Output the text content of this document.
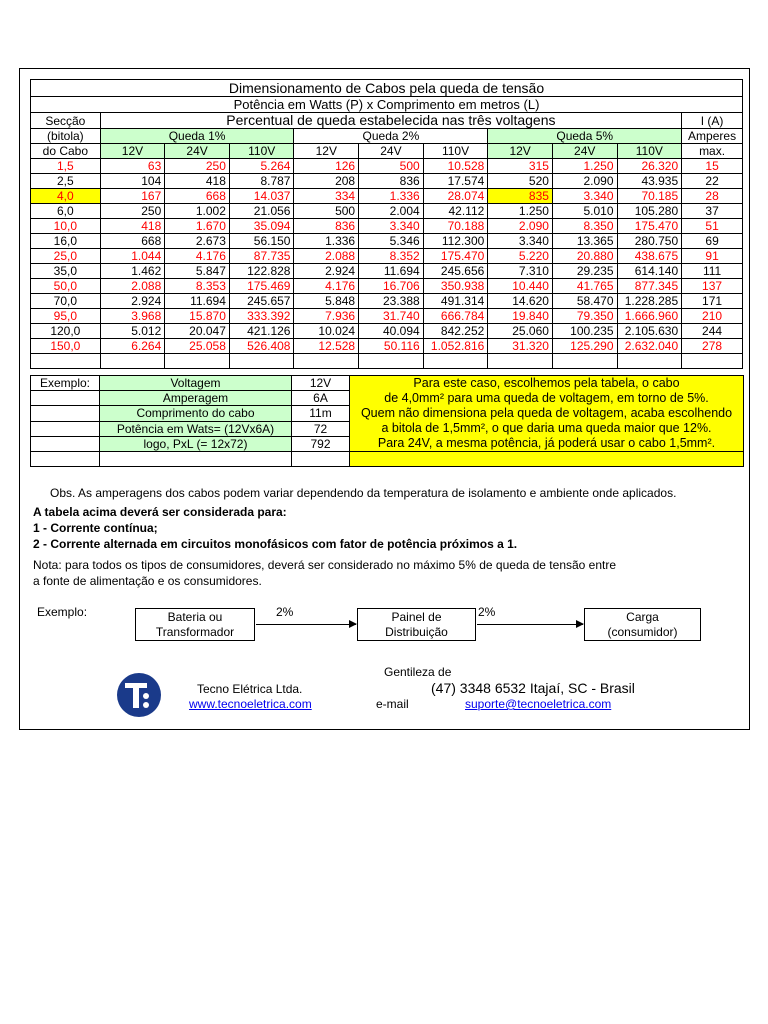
Dimensionamento de Cabos pela queda de tensão										
Potência em Watts (P) x Comprimento em metros (L)										
Secção	Percentual de queda estabelecida nas três voltagens									I (A)
(bitola)	Queda 1%			Queda 2%			Queda 5%			Amperes
do Cabo	12V	24V	110V	12V	24V	110V	12V	24V	110V	max.
1,5	63	250	5.264	126	500	10.528	315	1.250	26.320	15
2,5	104	418	8.787	208	836	17.574	520	2.090	43.935	22
4,0	167	668	14.037	334	1.336	28.074	835	3.340	70.185	28
6,0	250	1.002	21.056	500	2.004	42.112	1.250	5.010	105.280	37
10,0	418	1.670	35.094	836	3.340	70.188	2.090	8.350	175.470	51
16,0	668	2.673	56.150	1.336	5.346	112.300	3.340	13.365	280.750	69
25,0	1.044	4.176	87.735	2.088	8.352	175.470	5.220	20.880	438.675	91
35,0	1.462	5.847	122.828	2.924	11.694	245.656	7.310	29.235	614.140	111
50,0	2.088	8.353	175.469	4.176	16.706	350.938	10.440	41.765	877.345	137
70,0	2.924	11.694	245.657	5.848	23.388	491.314	14.620	58.470	1.228.285	171
95,0	3.968	15.870	333.392	7.936	31.740	666.784	19.840	79.350	1.666.960	210
120,0	5.012	20.047	421.126	10.024	40.094	842.252	25.060	100.235	2.105.630	244
150,0	6.264	25.058	526.408	12.528	50.116	1.052.816	31.320	125.290	2.632.040	278

Exemplo:	Voltagem	12V	Para este caso, escolhemos pela tabela, o cabo
de 4,0mm² para uma queda de voltagem, em torno de 5%.
Quem não dimensiona pela queda de voltagem, acaba escolhendo
a bitola de 1,5mm², o que daria uma queda maior que 12%.
Para 24V, a mesma potência, já poderá usar o cabo 1,5mm².

	Amperagem	6A	
	Comprimento do cabo	11m	
	Potência em Wats= (12Vx6A)	72	
	logo, PxL (= 12x72)	792	

Obs. As amperagens dos cabos podem variar dependendo da temperatura de isolamento e ambiente onde aplicados.
A tabela acima deverá ser considerada para:
1 - Corrente contínua;
2 - Corrente alternada em circuitos monofásicos com fator de potência próximos a 1.
Nota: para todos os tipos de consumidores, deverá ser considerado no máximo 5% de queda de tensão entre
a fonte de alimentação e os consumidores.
Exemplo:	Bateria ou
Transformador
2%	Painel de
Distribuição
2%	Carga
(consumidor)
Gentileza de
Tecno Elétrica Ltda.	(47) 3348 6532 Itajaí, SC - Brasil
www.tecnoeletrica.com	e-mail	suporte@tecnoeletrica.com
